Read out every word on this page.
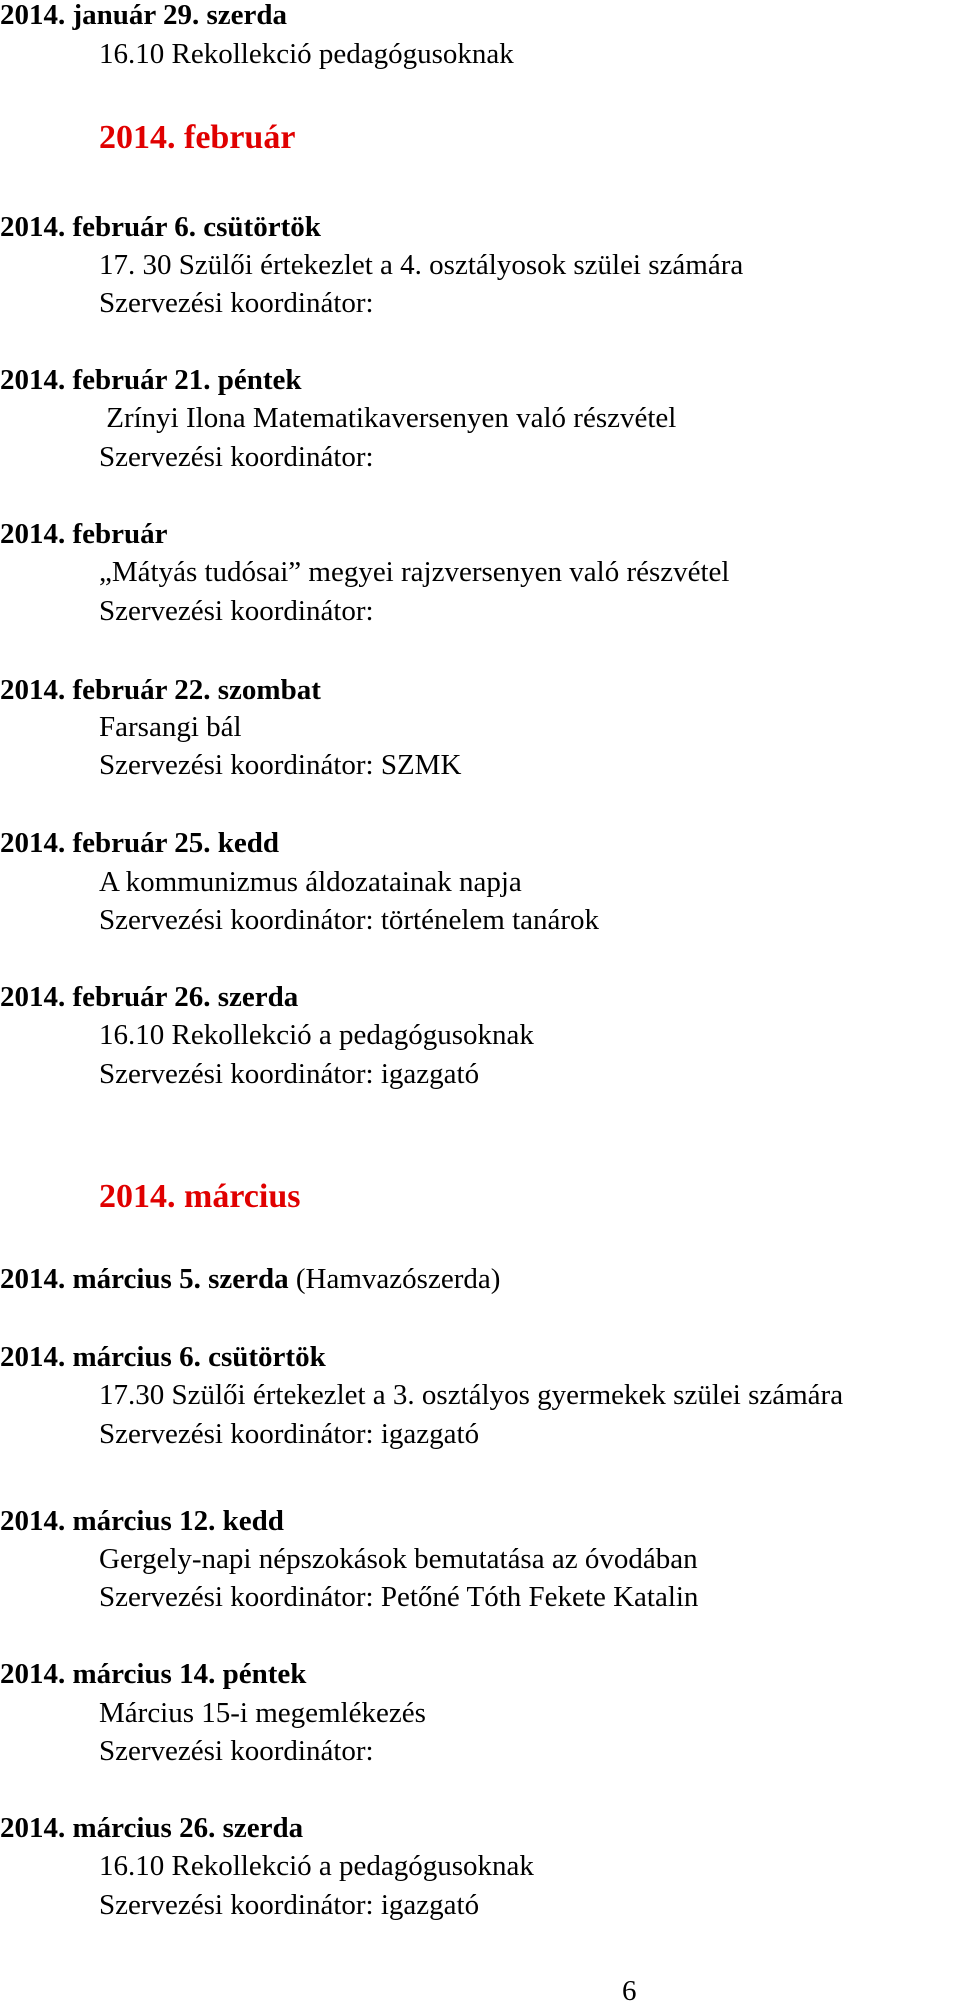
2014. január 29. szerda
16.10 Rekollekció pedagógusoknak
2014. február
2014. február 6. csütörtök
17. 30 Szülői értekezlet a 4. osztályosok szülei számára
Szervezési koordinátor:
2014. február 21. péntek
Zrínyi Ilona Matematikaversenyen való részvétel
Szervezési koordinátor:
2014. február
„Mátyás tudósai” megyei rajzversenyen való részvétel
Szervezési koordinátor:
2014. február 22. szombat
Farsangi bál
Szervezési koordinátor: SZMK
2014. február 25. kedd
A kommunizmus áldozatainak napja
Szervezési koordinátor: történelem tanárok
2014. február 26. szerda
16.10 Rekollekció a pedagógusoknak
Szervezési koordinátor: igazgató
2014. március
2014. március 5. szerda (Hamvazószerda)
2014. március 6. csütörtök
17.30 Szülői értekezlet a 3. osztályos gyermekek szülei számára
Szervezési koordinátor: igazgató
2014. március 12. kedd
Gergely-napi népszokások bemutatása az óvodában
Szervezési koordinátor: Petőné Tóth Fekete Katalin
2014. március 14. péntek
Március 15-i megemlékezés
Szervezési koordinátor:
2014. március 26. szerda
16.10 Rekollekció a pedagógusoknak
Szervezési koordinátor: igazgató
6
